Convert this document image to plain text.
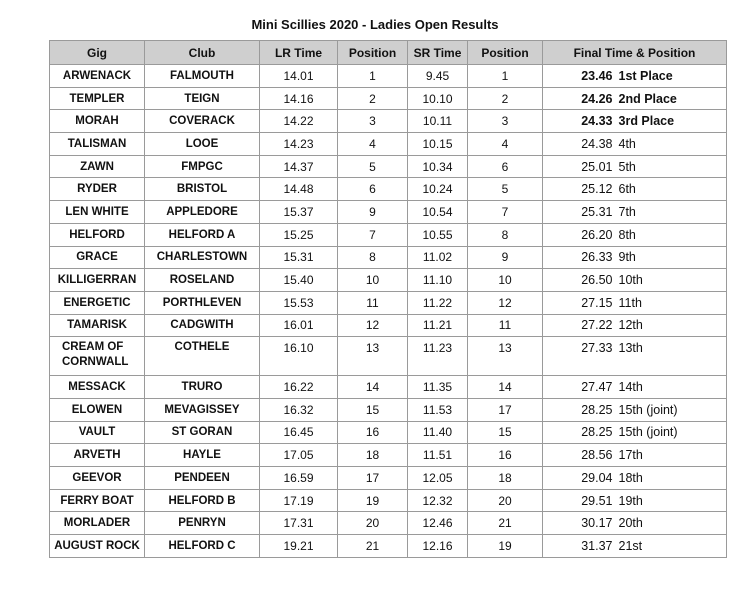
Mini Scillies 2020 - Ladies Open Results
Gig	Club	LR Time	Position	SR Time	Position	Final Time & Position
ARWENACK	FALMOUTH	14.01	1	9.45	1	23.46 1st Place
TEMPLER	TEIGN	14.16	2	10.10	2	24.26 2nd Place
MORAH	COVERACK	14.22	3	10.11	3	24.33 3rd Place
TALISMAN	LOOE	14.23	4	10.15	4	24.38 4th
ZAWN	FMPGC	14.37	5	10.34	6	25.01 5th
RYDER	BRISTOL	14.48	6	10.24	5	25.12 6th
LEN WHITE	APPLEDORE	15.37	9	10.54	7	25.31 7th
HELFORD	HELFORD A	15.25	7	10.55	8	26.20 8th
GRACE	CHARLESTOWN	15.31	8	11.02	9	26.33 9th
KILLIGERRAN	ROSELAND	15.40	10	11.10	10	26.50 10th
ENERGETIC	PORTHLEVEN	15.53	11	11.22	12	27.15 11th
TAMARISK	CADGWITH	16.01	12	11.21	11	27.22 12th
CREAM OF CORNWALL	COTHELE	16.10	13	11.23	13	27.33 13th
MESSACK	TRURO	16.22	14	11.35	14	27.47 14th
ELOWEN	MEVAGISSEY	16.32	15	11.53	17	28.25 15th (joint)
VAULT	ST GORAN	16.45	16	11.40	15	28.25 15th (joint)
ARVETH	HAYLE	17.05	18	11.51	16	28.56 17th
GEEVOR	PENDEEN	16.59	17	12.05	18	29.04 18th
FERRY BOAT	HELFORD B	17.19	19	12.32	20	29.51 19th
MORLADER	PENRYN	17.31	20	12.46	21	30.17 20th
AUGUST ROCK	HELFORD C	19.21	21	12.16	19	31.37 21st
